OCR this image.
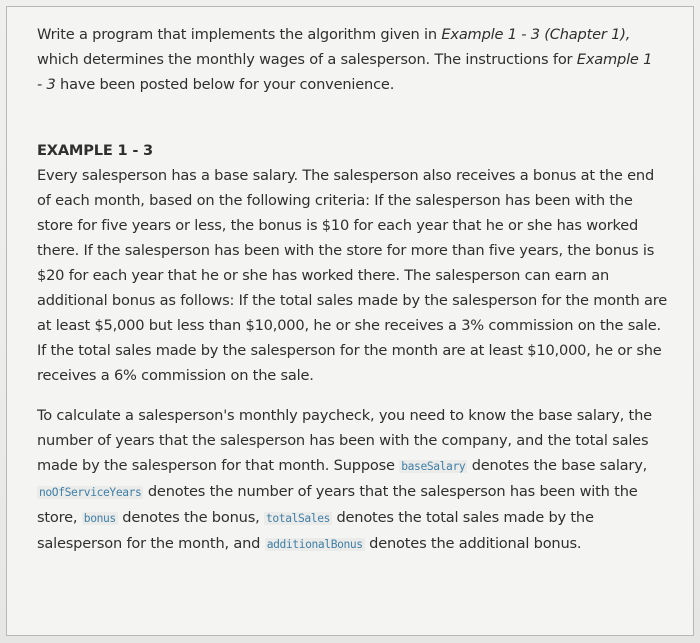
Write a program that implements the algorithm given in Example 1 - 3 (Chapter 1), which determines the monthly wages of a salesperson. The instructions for Example 1 - 3 have been posted below for your convenience.

EXAMPLE 1 - 3

Every salesperson has a base salary. The salesperson also receives a bonus at the end of each month, based on the following criteria: If the salesperson has been with the store for five years or less, the bonus is $10 for each year that he or she has worked there. If the salesperson has been with the store for more than five years, the bonus is $20 for each year that he or she has worked there. The salesperson can earn an additional bonus as follows: If the total sales made by the salesperson for the month are at least $5,000 but less than $10,000, he or she receives a 3% commission on the sale. If the total sales made by the salesperson for the month are at least $10,000, he or she receives a 6% commission on the sale.

To calculate a salesperson's monthly paycheck, you need to know the base salary, the number of years that the salesperson has been with the company, and the total sales made by the salesperson for that month. Suppose baseSalary denotes the base salary, noOfServiceYears denotes the number of years that the salesperson has been with the store, bonus denotes the bonus, totalSales denotes the total sales made by the salesperson for the month, and additionalBonus denotes the additional bonus.
